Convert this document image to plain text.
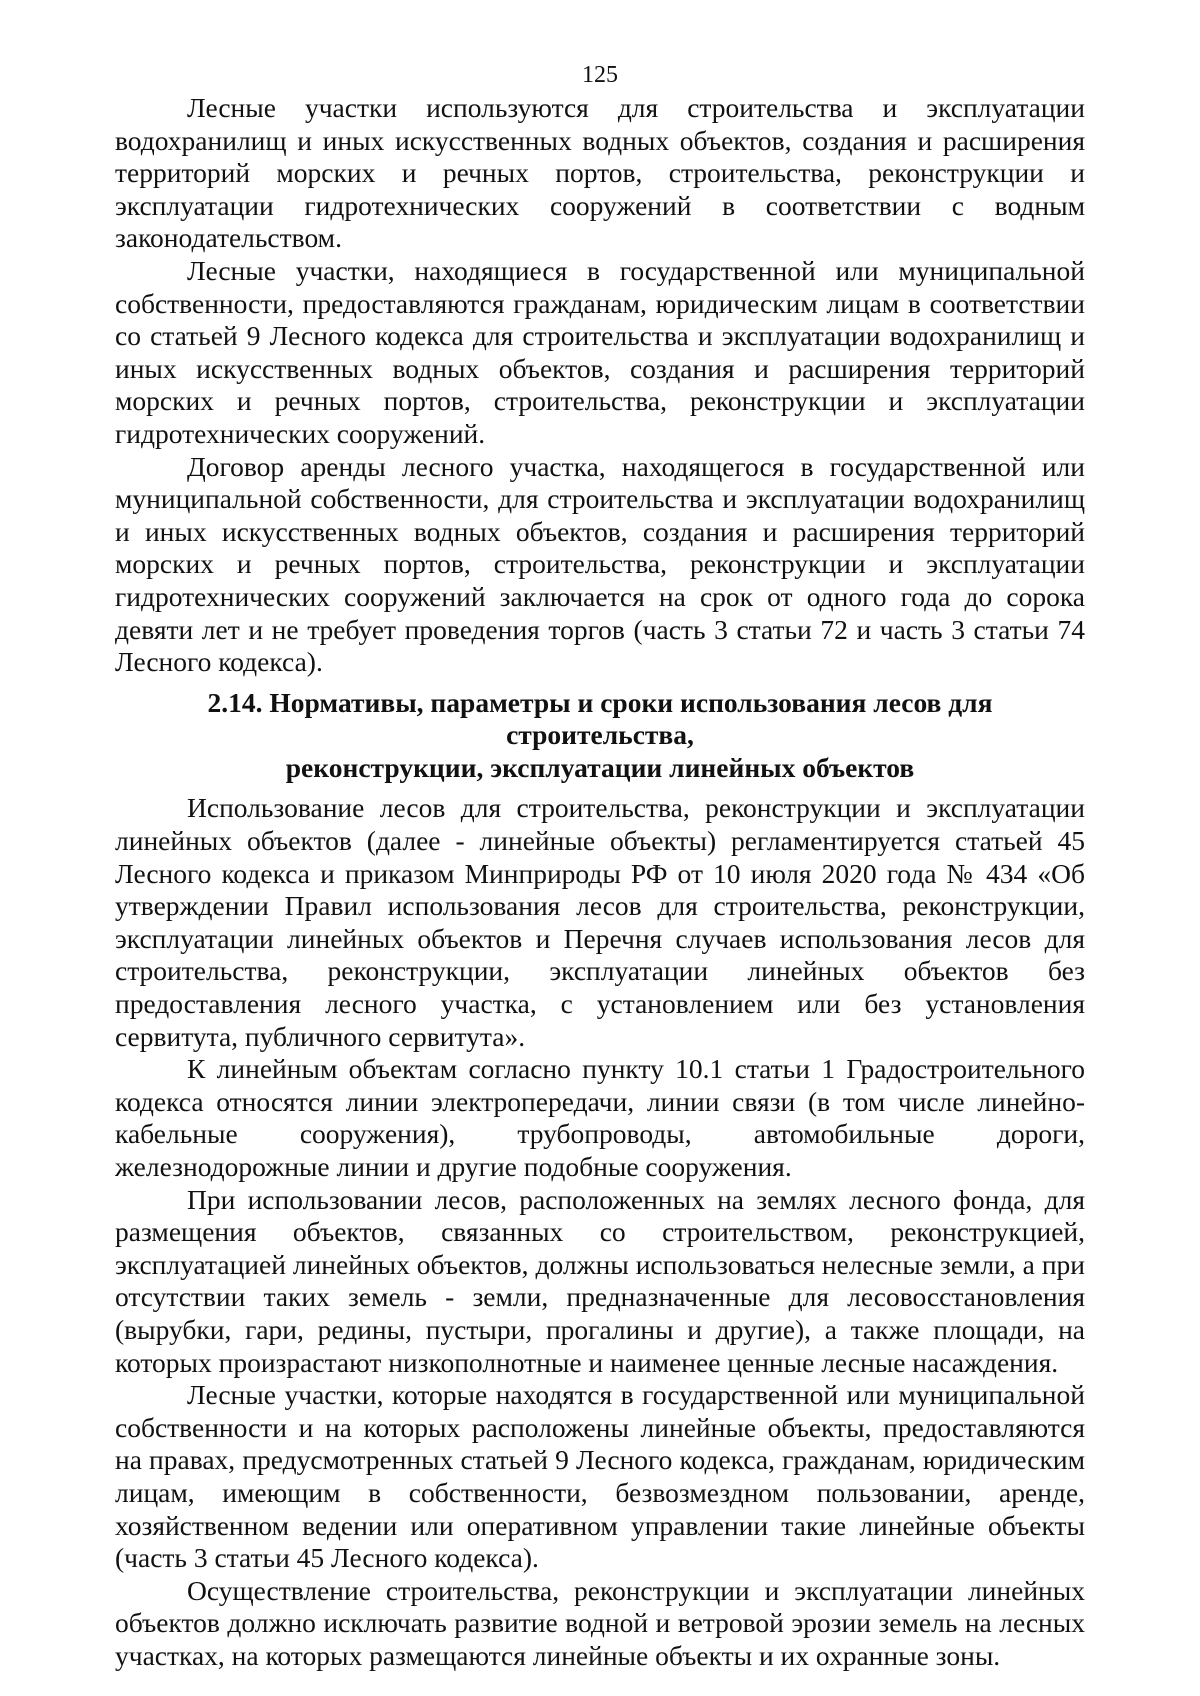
125

Лесные участки используются для строительства и эксплуатации водохранилищ и иных искусственных водных объектов, создания и расширения территорий морских и речных портов, строительства, реконструкции и эксплуатации гидротехнических сооружений в соответствии с водным законодательством.

Лесные участки, находящиеся в государственной или муниципальной собственности, предоставляются гражданам, юридическим лицам в соответствии со статьей 9 Лесного кодекса для строительства и эксплуатации водохранилищ и иных искусственных водных объектов, создания и расширения территорий морских и речных портов, строительства, реконструкции и эксплуатации гидротехнических сооружений.

Договор аренды лесного участка, находящегося в государственной или муниципальной собственности, для строительства и эксплуатации водохранилищ и иных искусственных водных объектов, создания и расширения территорий морских и речных портов, строительства, реконструкции и эксплуатации гидротехнических сооружений заключается на срок от одного года до сорока девяти лет и не требует проведения торгов (часть 3 статьи 72 и часть 3 статьи 74 Лесного кодекса).

2.14. Нормативы, параметры и сроки использования лесов для строительства,
реконструкции, эксплуатации линейных объектов

Использование лесов для строительства, реконструкции и эксплуатации линейных объектов (далее - линейные объекты) регламентируется статьей 45 Лесного кодекса и приказом Минприроды РФ от 10 июля 2020 года № 434 «Об утверждении Правил использования лесов для строительства, реконструкции, эксплуатации линейных объектов и Перечня случаев использования лесов для строительства, реконструкции, эксплуатации линейных объектов без предоставления лесного участка, с установлением или без установления сервитута, публичного сервитута».

К линейным объектам согласно пункту 10.1 статьи 1 Градостроительного кодекса относятся линии электропередачи, линии связи (в том числе линейно-кабельные сооружения), трубопроводы, автомобильные дороги, железнодорожные линии и другие подобные сооружения.

При использовании лесов, расположенных на землях лесного фонда, для размещения объектов, связанных со строительством, реконструкцией, эксплуатацией линейных объектов, должны использоваться нелесные земли, а при отсутствии таких земель - земли, предназначенные для лесовосстановления (вырубки, гари, редины, пустыри, прогалины и другие), а также площади, на которых произрастают низкополнотные и наименее ценные лесные насаждения.

Лесные участки, которые находятся в государственной или муниципальной собственности и на которых расположены линейные объекты, предоставляются на правах, предусмотренных статьей 9 Лесного кодекса, гражданам, юридическим лицам, имеющим в собственности, безвозмездном пользовании, аренде, хозяйственном ведении или оперативном управлении такие линейные объекты (часть 3 статьи 45 Лесного кодекса).

Осуществление строительства, реконструкции и эксплуатации линейных объектов должно исключать развитие водной и ветровой эрозии земель на лесных участках, на которых размещаются линейные объекты и их охранные зоны.
